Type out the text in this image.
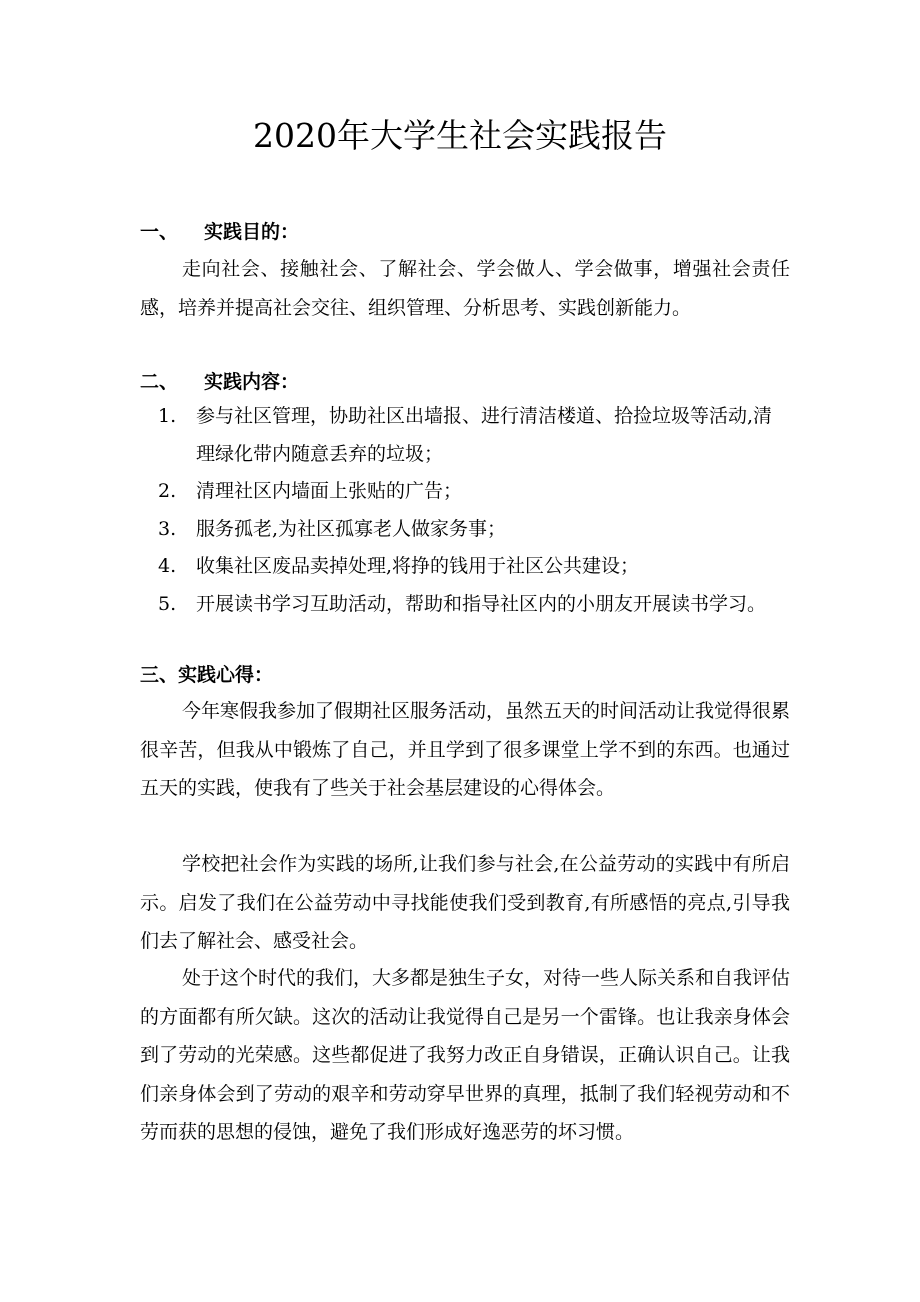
2020年大学生社会实践报告
一、 实践目的：

走向社会、接触社会、了解社会、学会做人、学会做事，增强社会责任感，培养并提高社会交往、组织管理、分析思考、实践创新能力。

二、 实践内容：
1. 参与社区管理，协助社区出墙报、进行清洁楼道、拾捡垃圾等活动,清理绿化带内随意丢弃的垃圾；
2. 清理社区内墙面上张贴的广告；
3. 服务孤老,为社区孤寡老人做家务事；
4. 收集社区废品卖掉处理,将挣的钱用于社区公共建设；
5. 开展读书学习互助活动，帮助和指导社区内的小朋友开展读书学习。
三、实践心得：

今年寒假我参加了假期社区服务活动，虽然五天的时间活动让我觉得很累很辛苦，但我从中锻炼了自己，并且学到了很多课堂上学不到的东西。也通过五天的实践，使我有了些关于社会基层建设的心得体会。

学校把社会作为实践的场所,让我们参与社会,在公益劳动的实践中有所启示。启发了我们在公益劳动中寻找能使我们受到教育,有所感悟的亮点,引导我们去了解社会、感受社会。

处于这个时代的我们，大多都是独生子女，对待一些人际关系和自我评估的方面都有所欠缺。这次的活动让我觉得自己是另一个雷锋。也让我亲身体会到了劳动的光荣感。这些都促进了我努力改正自身错误，正确认识自己。让我们亲身体会到了劳动的艰辛和劳动穿早世界的真理，抵制了我们轻视劳动和不劳而获的思想的侵蚀，避免了我们形成好逸恶劳的坏习惯。
